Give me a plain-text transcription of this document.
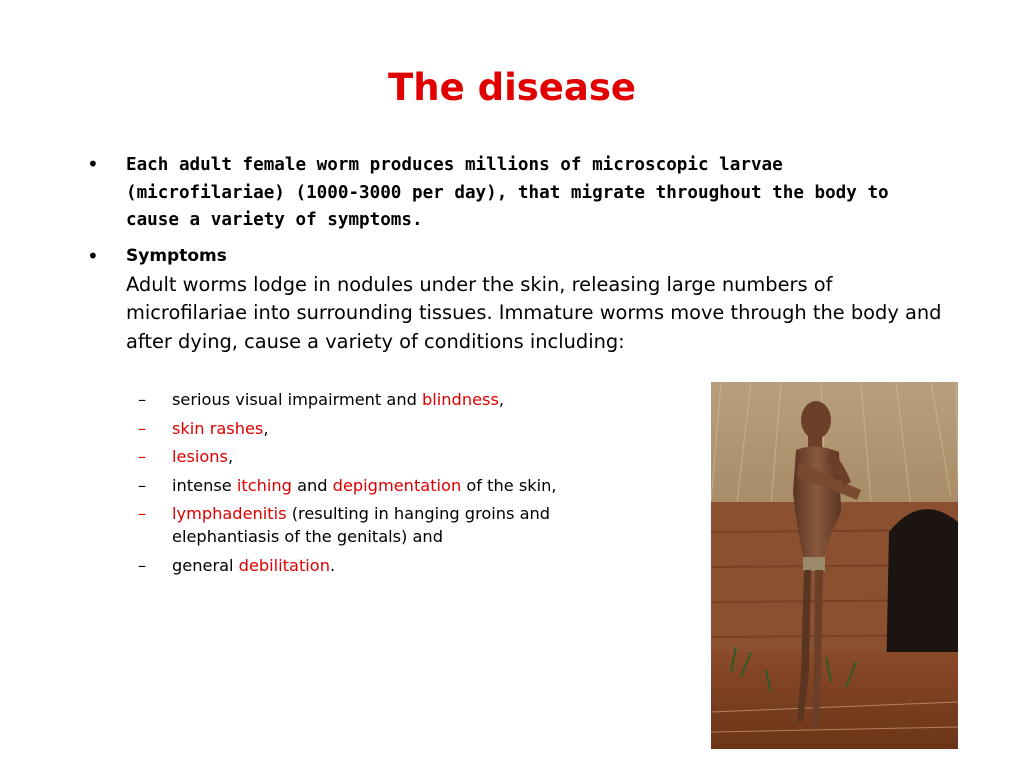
The disease
• Each adult female worm produces millions of microscopic larvae (microfilariae) (1000-3000 per day), that migrate throughout the body to cause a variety of symptoms.
• Symptoms
Adult worms lodge in nodules under the skin, releasing large numbers of microfilariae into surrounding tissues. Immature worms move through the body and after dying, cause a variety of conditions including:
– serious visual impairment and blindness,
– skin rashes,
– lesions,
– intense itching and depigmentation of the skin,
– lymphadenitis (resulting in hanging groins and elephantiasis of the genitals) and
– general debilitation.
